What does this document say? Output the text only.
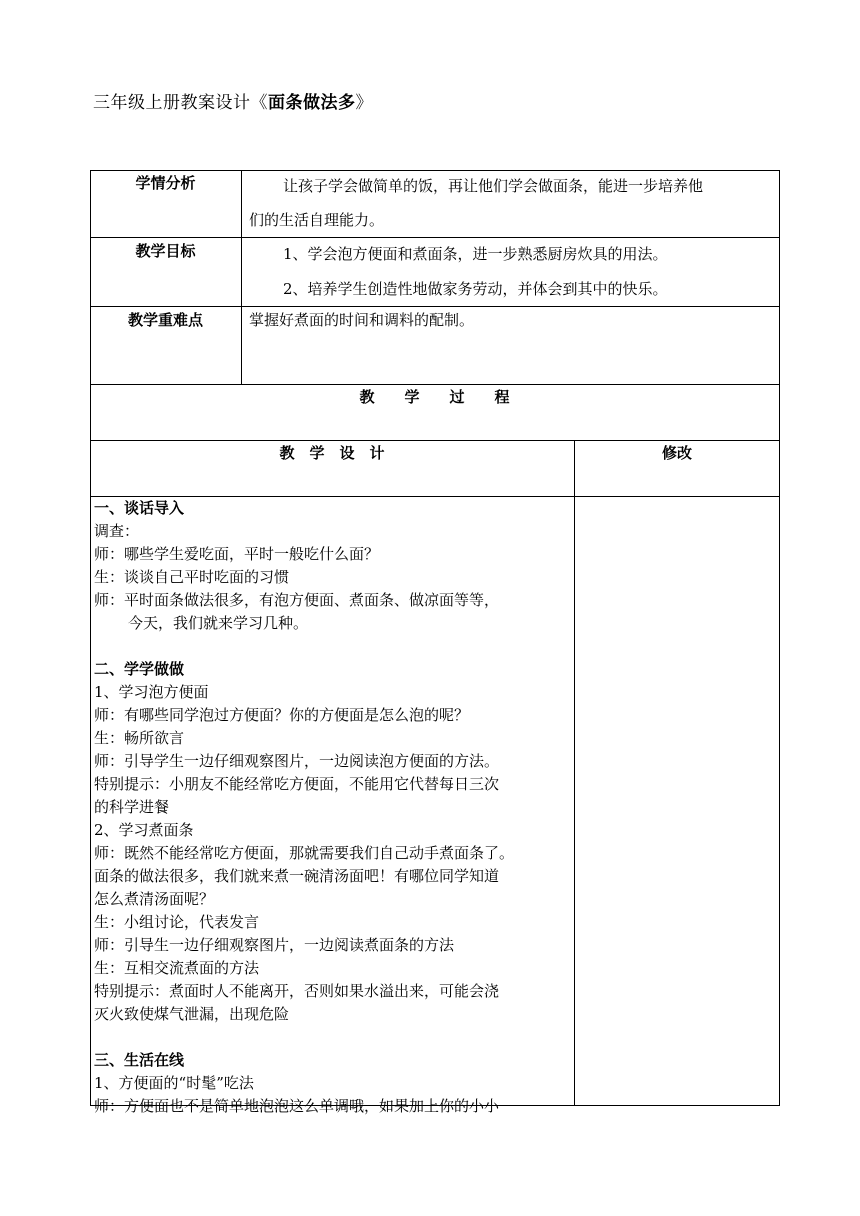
三年级上册教案设计《面条做法多》
学情分析	让孩子学会做简单的饭，再让他们学会做面条，能进一步培养他
们的生活自理能力。
教学目标	1、学会泡方便面和煮面条，进一步熟悉厨房炊具的用法。
2、培养学生创造性地做家务劳动，并体会到其中的快乐。
教学重难点	掌握好煮面的时间和调料的配制。
教　　学　　过　　程
教　学　设　计	修改
一、谈话导入
调查：
师：哪些学生爱吃面，平时一般吃什么面？
生：谈谈自己平时吃面的习惯
师：平时面条做法很多，有泡方便面、煮面条、做凉面等等，
今天，我们就来学习几种。
二、学学做做
1、学习泡方便面
师：有哪些同学泡过方便面？你的方便面是怎么泡的呢？
生：畅所欲言
师：引导学生一边仔细观察图片，一边阅读泡方便面的方法。
特别提示：小朋友不能经常吃方便面，不能用它代替每日三次
的科学进餐
2、学习煮面条
师：既然不能经常吃方便面，那就需要我们自己动手煮面条了。
面条的做法很多，我们就来煮一碗清汤面吧！有哪位同学知道
怎么煮清汤面呢？
生：小组讨论，代表发言
师：引导生一边仔细观察图片，一边阅读煮面条的方法
生：互相交流煮面的方法
特别提示：煮面时人不能离开，否则如果水溢出来，可能会浇
灭火致使煤气泄漏，出现危险
三、生活在线
1、方便面的“时髦”吃法
师：方便面也不是简单地泡泡这么单调哦，如果加上你的小小
